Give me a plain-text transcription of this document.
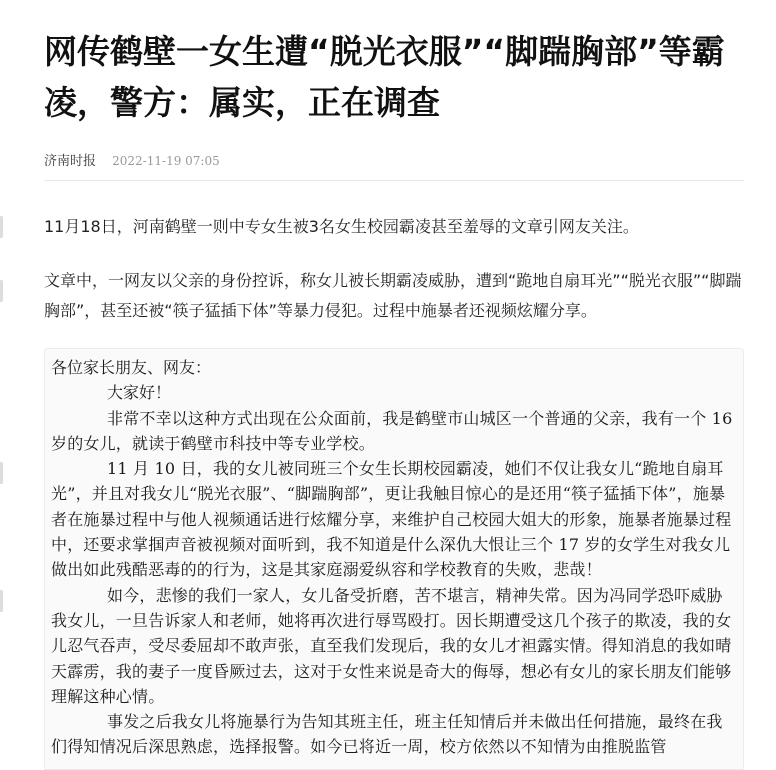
网传鹤壁一女生遭“脱光衣服”“脚踹胸部”等霸凌，警方：属实，正在调查
济南时报 2022-11-19 07:05

11月18日，河南鹤壁一则中专女生被3名女生校园霸凌甚至羞辱的文章引网友关注。

文章中，一网友以父亲的身份控诉，称女儿被长期霸凌威胁，遭到“跪地自扇耳光”“脱光衣服”“脚踹胸部”，甚至还被“筷子猛插下体”等暴力侵犯。过程中施暴者还视频炫耀分享。

各位家长朋友、网友：

大家好！

非常不幸以这种方式出现在公众面前，我是鹤壁市山城区一个普通的父亲，我有一个 16 岁的女儿，就读于鹤壁市科技中等专业学校。

11 月 10 日，我的女儿被同班三个女生长期校园霸凌，她们不仅让我女儿“跪地自扇耳光”，并且对我女儿“脱光衣服”、“脚踹胸部”，更让我触目惊心的是还用“筷子猛插下体”，施暴者在施暴过程中与他人视频通话进行炫耀分享，来维护自己校园大姐大的形象，施暴者施暴过程中，还要求掌掴声音被视频对面听到，我不知道是什么深仇大恨让三个 17 岁的女学生对我女儿做出如此残酷恶毒的的行为，这是其家庭溺爱纵容和学校教育的失败，悲哉！

如今，悲惨的我们一家人，女儿备受折磨，苦不堪言，精神失常。因为冯同学恐吓威胁我女儿，一旦告诉家人和老师，她将再次进行辱骂殴打。因长期遭受这几个孩子的欺凌，我的女儿忍气吞声，受尽委屈却不敢声张，直至我们发现后，我的女儿才袒露实情。得知消息的我如晴天霹雳，我的妻子一度昏厥过去，这对于女性来说是奇大的侮辱，想必有女儿的家长朋友们能够理解这种心情。

事发之后我女儿将施暴行为告知其班主任，班主任知情后并未做出任何措施，最终在我们得知情况后深思熟虑，选择报警。如今已将近一周，校方依然以不知情为由推脱监管
